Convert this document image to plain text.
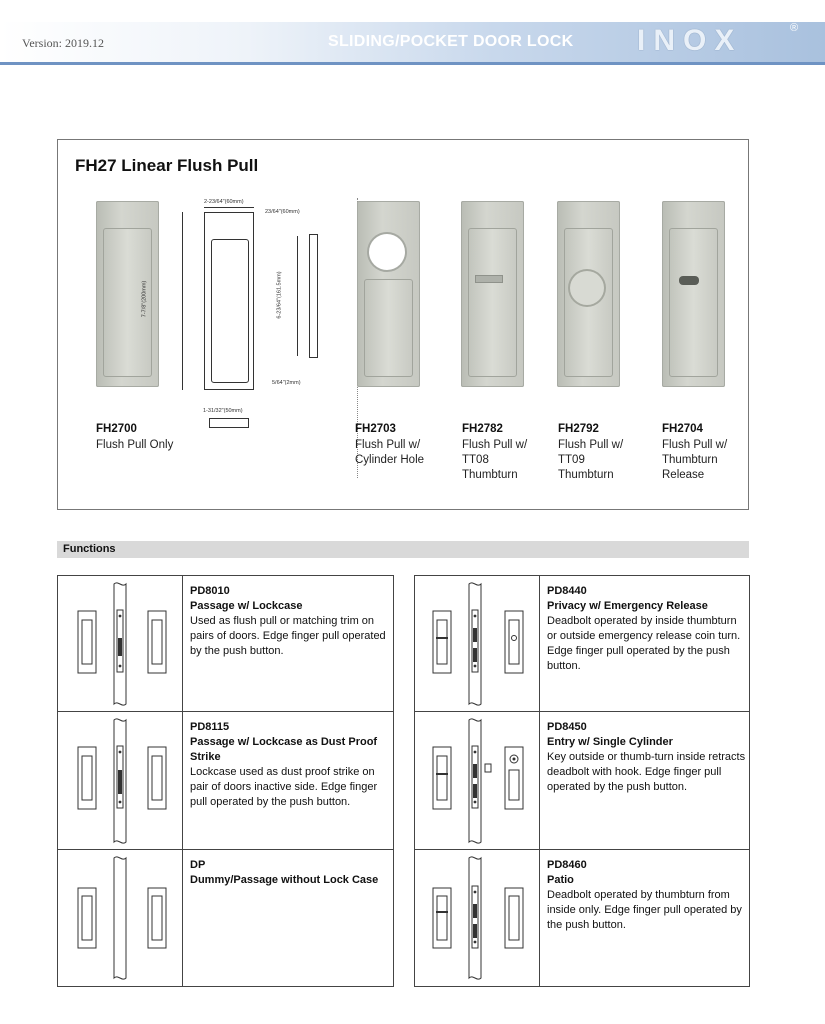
Version: 2019.12	SLIDING/POCKET DOOR LOCK INOX	®
FH27 Linear Flush Pull
2-23/64"(60mm)
7-7/8"(200mm)
23/64"(60mm)
6-23/64"(161.5mm)
5/64"(2mm)
1-31/32"(50mm)
FH2700
Flush Pull Only
FH2703
Flush Pull w/ Cylinder Hole
FH2782
Flush Pull w/ TT08 Thumbturn
FH2792
Flush Pull w/ TT09 Thumbturn
FH2704
Flush Pull w/ Thumbturn Release
Functions
PD8010
Passage w/ Lockcase
Used as flush pull or matching trim on pairs of doors. Edge finger pull operated by the push button.
PD8115
Passage w/ Lockcase as Dust Proof Strike
Lockcase used as dust proof strike on pair of doors inactive side. Edge finger pull operated by the push button.
DP
Dummy/Passage without Lock Case
PD8440
Privacy w/ Emergency Release
Deadbolt operated by inside thumbturn or outside emergency release coin turn. Edge finger pull operated by the push button.
PD8450
Entry w/ Single Cylinder
Key outside or thumb-turn inside retracts deadbolt with hook. Edge finger pull operated by the push button.
PD8460
Patio
Deadbolt operated by thumbturn from inside only. Edge finger pull operated by the push button.
